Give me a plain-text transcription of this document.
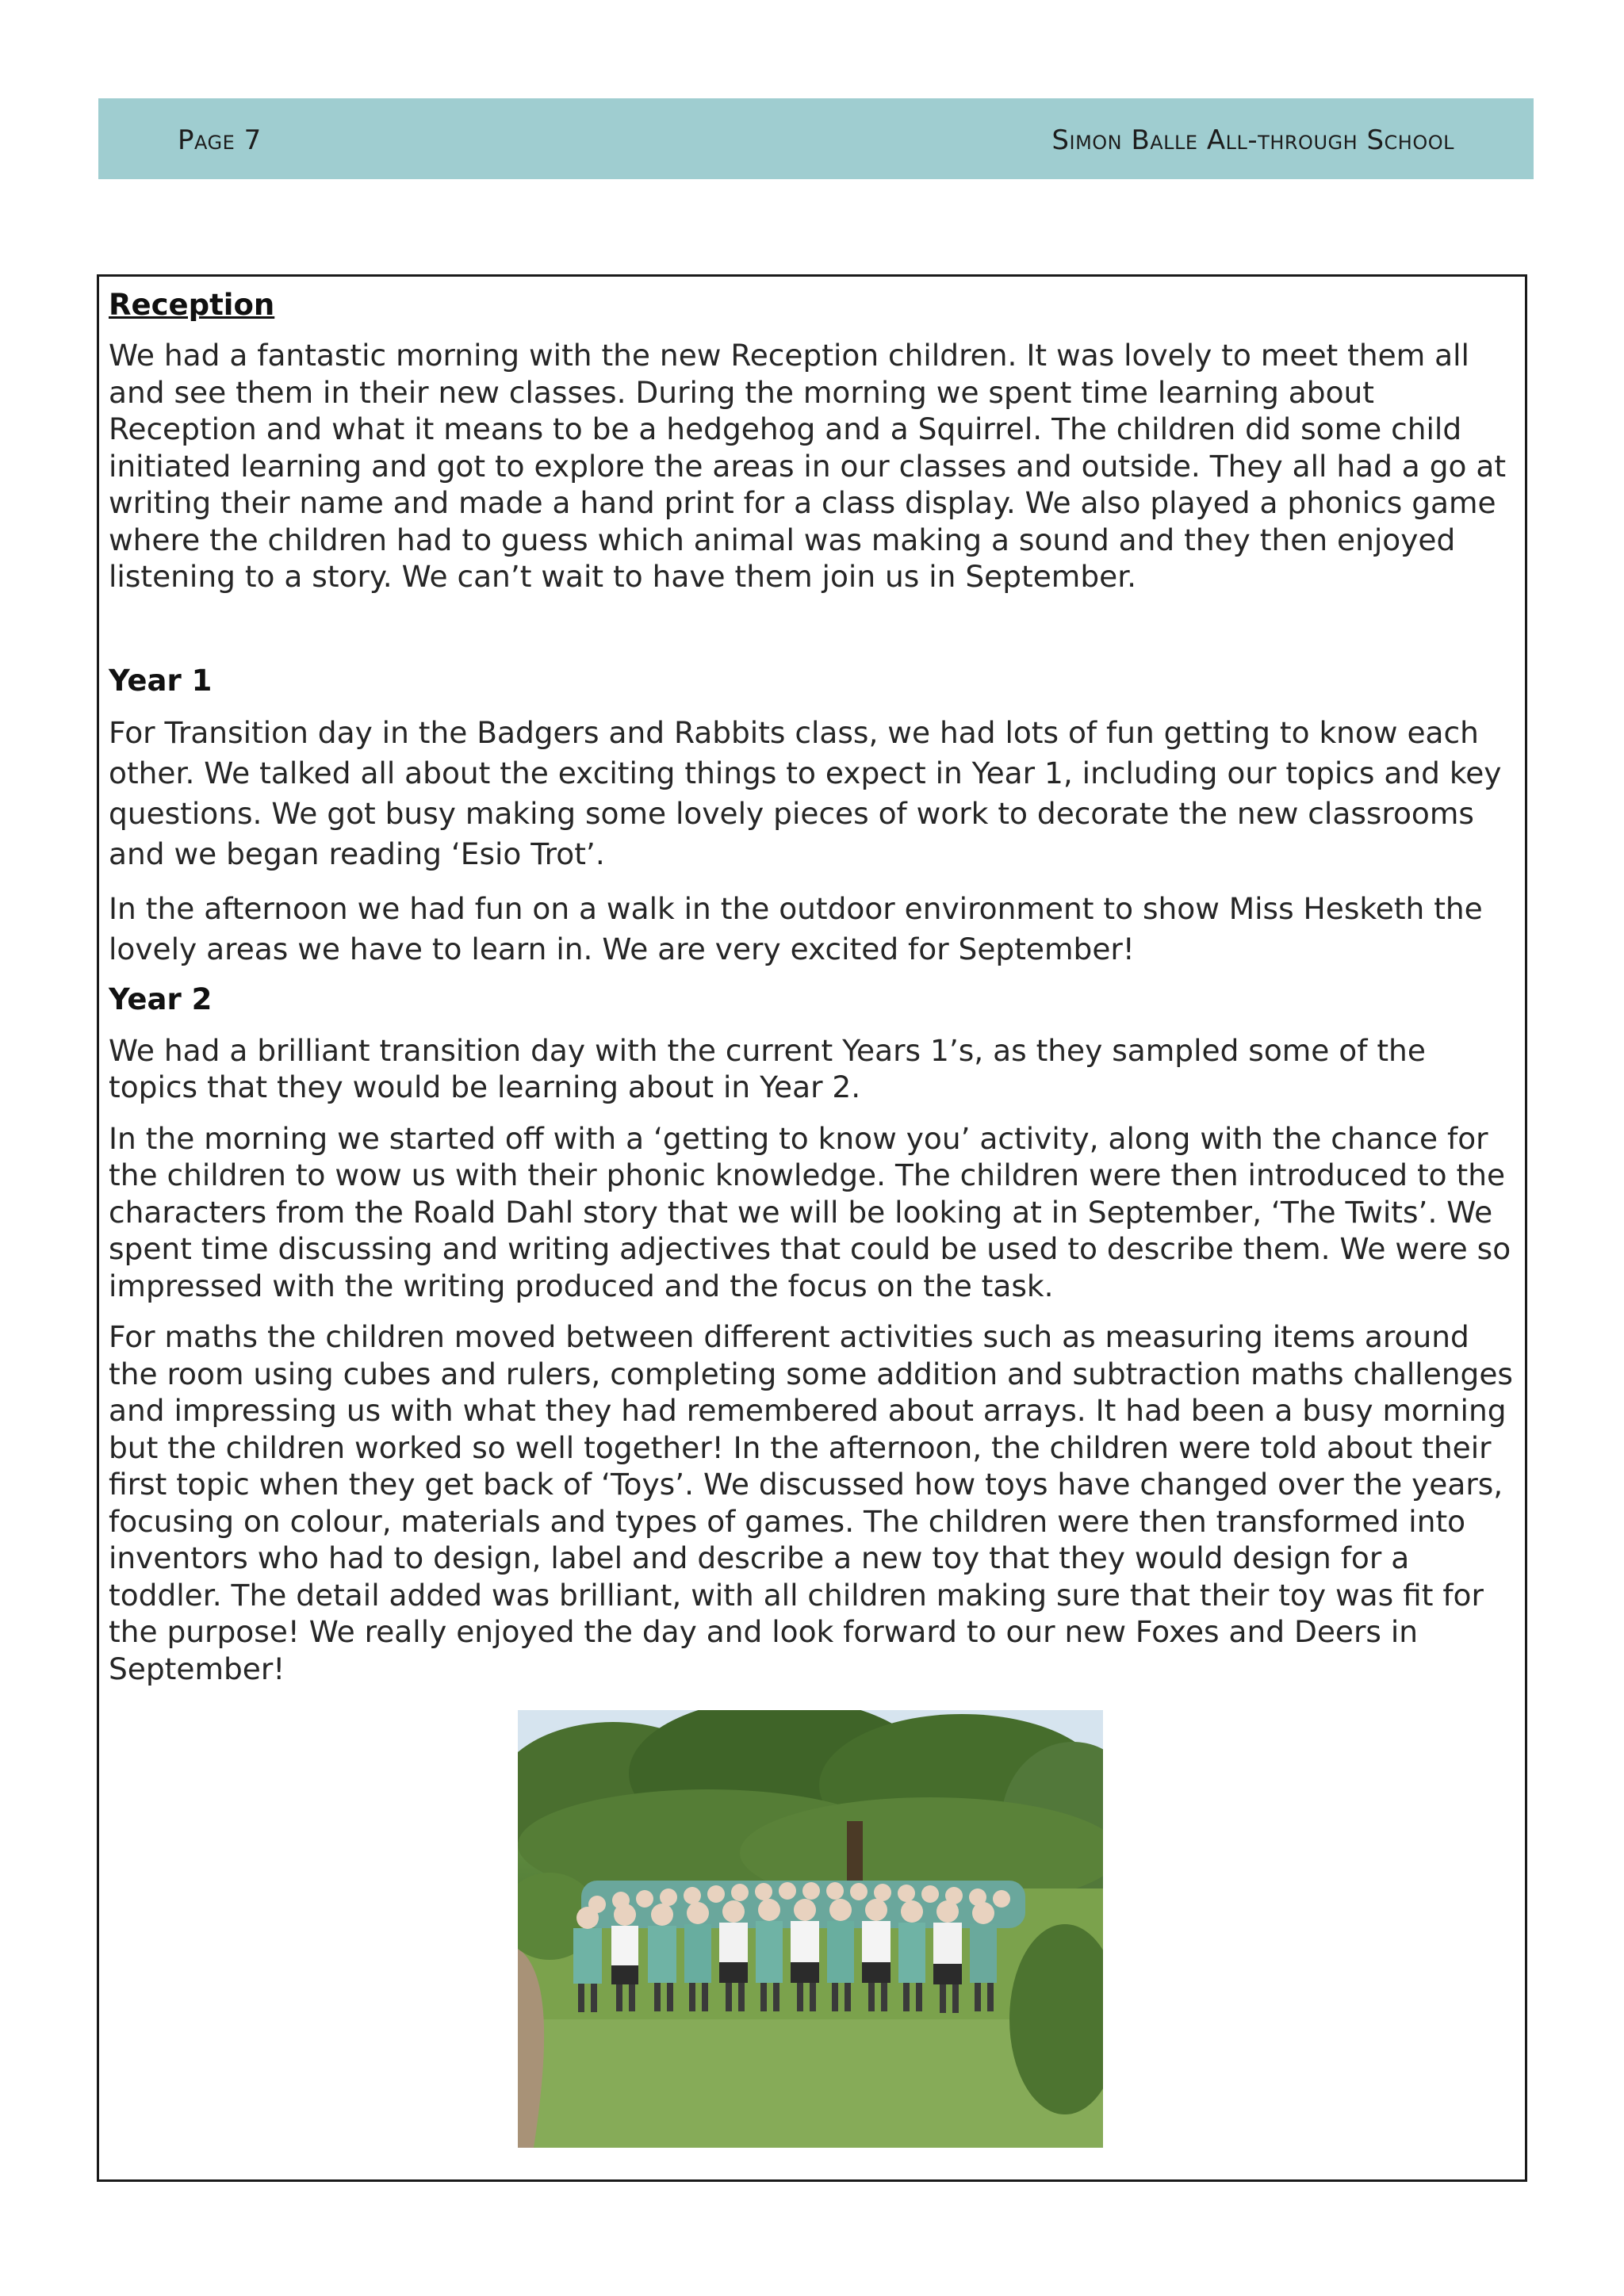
Page 7	Simon Balle All-through School
Reception

We had a fantastic morning with the new Reception children. It was lovely to meet them all and see them in their new classes. During the morning we spent time learning about Reception and what it means to be a hedgehog and a Squirrel. The children did some child initiated learning and got to explore the areas in our classes and outside. They all had a go at writing their name and made a hand print for a class display. We also played a phonics game where the children had to guess which animal was making a sound and they then enjoyed listening to a story. We can’t wait to have them join us in September.

Year 1

For Transition day in the Badgers and Rabbits class, we had lots of fun getting to know each other. We talked all about the exciting things to expect in Year 1, including our topics and key questions. We got busy making some lovely pieces of work to decorate the new classrooms and we began reading ‘Esio Trot’.

In the afternoon we had fun on a walk in the outdoor environment to show Miss Hesketh the lovely areas we have to learn in. We are very excited for September!

Year 2

We had a brilliant transition day with the current Years 1’s, as they sampled some of the topics that they would be learning about in Year 2.

In the morning we started off with a ‘getting to know you’ activity, along with the chance for the children to wow us with their phonic knowledge. The children were then introduced to the characters from the Roald Dahl story that we will be looking at in September, ‘The Twits’. We spent time discussing and writing adjectives that could be used to describe them. We were so impressed with the writing produced and the focus on the task.

For maths the children moved between different activities such as measuring items around the room using cubes and rulers, completing some addition and subtraction maths challenges and impressing us with what they had remembered about arrays. It had been a busy morning but the children worked so well together! In the afternoon, the children were told about their first topic when they get back of ‘Toys’. We discussed how toys have changed over the years, focusing on colour, materials and types of games. The children were then transformed into inventors who had to design, label and describe a new toy that they would design for a toddler. The detail added was brilliant, with all children making sure that their toy was fit for the purpose! We really enjoyed the day and look forward to our new Foxes and Deers in September!
